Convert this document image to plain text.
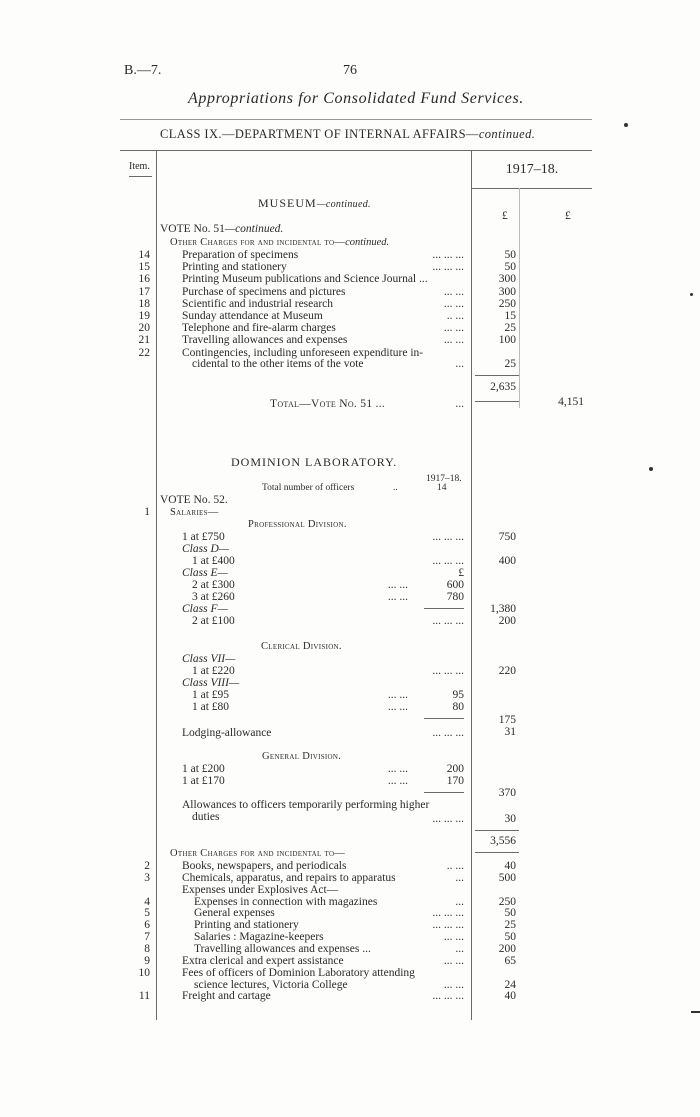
B.—7.	76
Appropriations for Consolidated Fund Services.
CLASS IX.—DEPARTMENT OF INTERNAL AFFAIRS—continued.
Item.	1917–18.
MUSEUM—continued.
£	£
VOTE No. 51—continued.
Other Charges for and incidental to—continued.
14	Preparation of specimens	... ... ...	50
15	Printing and stationery	... ... ...	50
16	Printing Museum publications and Science Journal ...	300
17	Purchase of specimens and pictures	... ...	300
18	Scientific and industrial research	... ...	250
19	Sunday attendance at Museum	.. ...	15
20	Telephone and fire-alarm charges	... ...	25
21	Travelling allowances and expenses	... ...	100
22	Contingencies, including unforeseen expenditure in-
cidental to the other items of the vote	...	25
2,635
Total—Vote No. 51 ...	...	4,151
DOMINION LABORATORY.
1917–18.
Total number of officers	..	14
VOTE No. 52.
1 Salaries—
Professional Division.
1 at £750	... ... ...	750
Class D—
1 at £400	... ... ...	400
Class E—	£
2 at £300	... ...	600
3 at £260	... ...	780
Class F—	1,380
2 at £100	... ... ...	200
Clerical Division.
Class VII—
1 at £220	... ... ...	220
Class VIII—
1 at £95	... ...	95
1 at £80	... ...	80
175
Lodging-allowance	... ... ...	31
General Division.
1 at £200	... ...	200
1 at £170	... ...	170
370
Allowances to officers temporarily performing higher
duties	... ... ...	30
3,556
Other Charges for and incidental to—
2	Books, newspapers, and periodicals	.. ...	40
3	Chemicals, apparatus, and repairs to apparatus	...	500
Expenses under Explosives Act—
4	Expenses in connection with magazines	...	250
5	General expenses	... ... ...	50
6	Printing and stationery	... ... ...	25
7	Salaries : Magazine-keepers	... ...	50
8	Travelling allowances and expenses ...	...	200
9	Extra clerical and expert assistance	... ...	65
10	Fees of officers of Dominion Laboratory attending
science lectures, Victoria College	... ...	24
11	Freight and cartage	... ... ...	40
